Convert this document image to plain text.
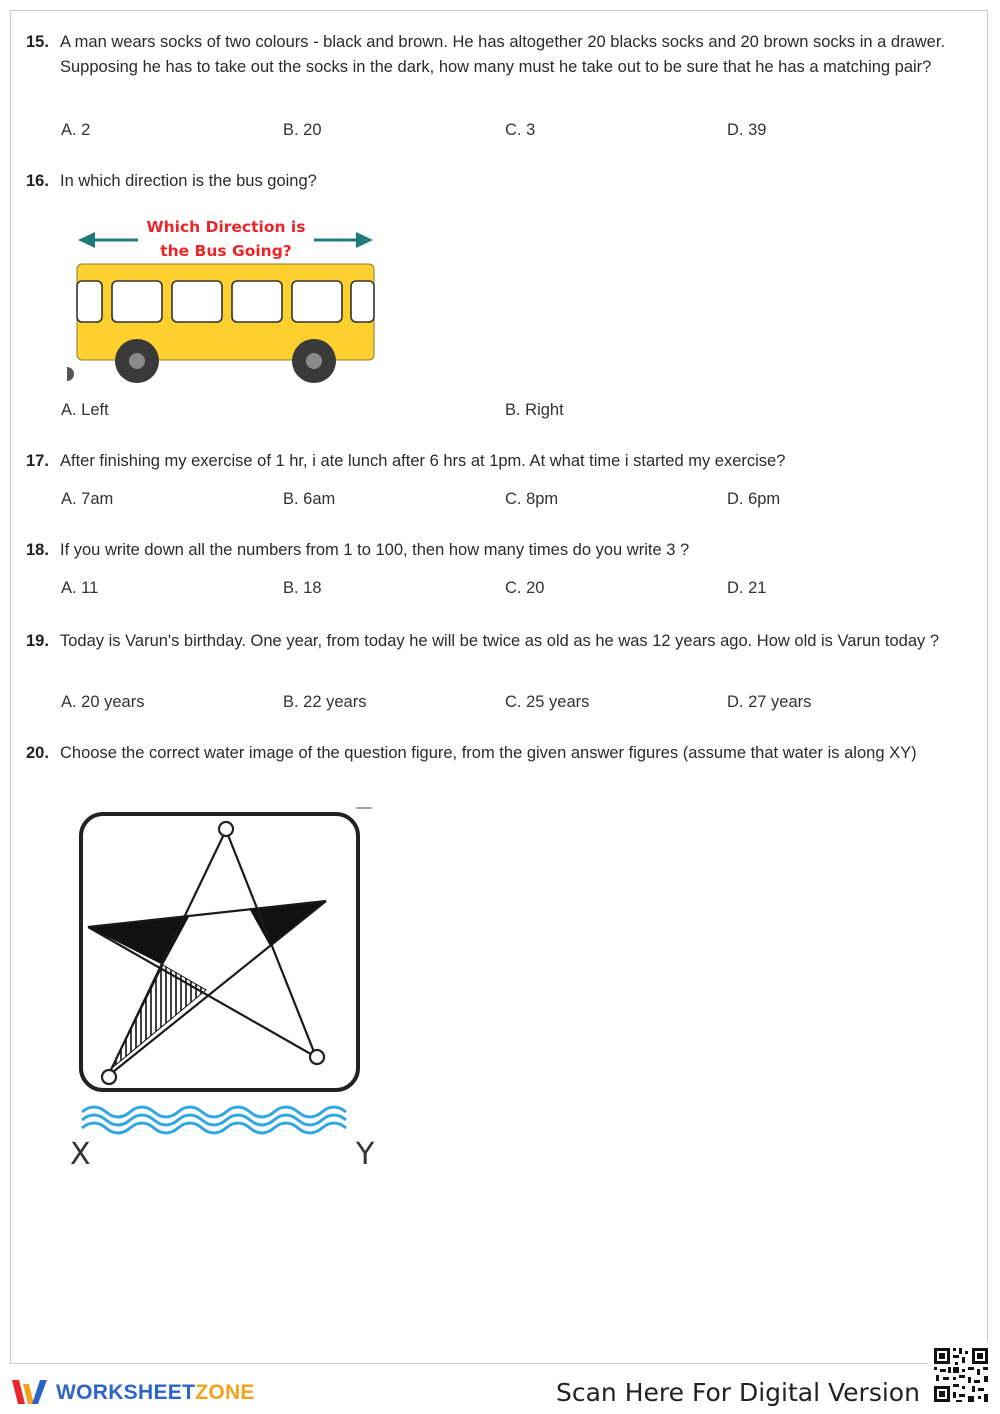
15. A man wears socks of two colours - black and brown. He has altogether 20 blacks socks and 20 brown socks in a drawer. Supposing he has to take out the socks in the dark, how many must he take out to be sure that he has a matching pair?
A. 2	B. 20	C. 3	D. 39
16. In which direction is the bus going?
Which Direction is
the Bus Going?
A. Left	B. Right
17. After finishing my exercise of 1 hr, i ate lunch after 6 hrs at 1pm. At what time i started my exercise?
A. 7am	B. 6am	C. 8pm	D. 6pm
18. If you write down all the numbers from 1 to 100, then how many times do you write 3 ?
A. 11	B. 18	C. 20	D. 21
19. Today is Varun's birthday. One year, from today he will be twice as old as he was 12 years ago. How old is Varun today ?
A. 20 years	B. 22 years	C. 25 years	D. 27 years
20. Choose the correct water image of the question figure, from the given answer figures (assume that water is along XY)
X	Y
WORKSHEETZONE	Scan Here For Digital Version
